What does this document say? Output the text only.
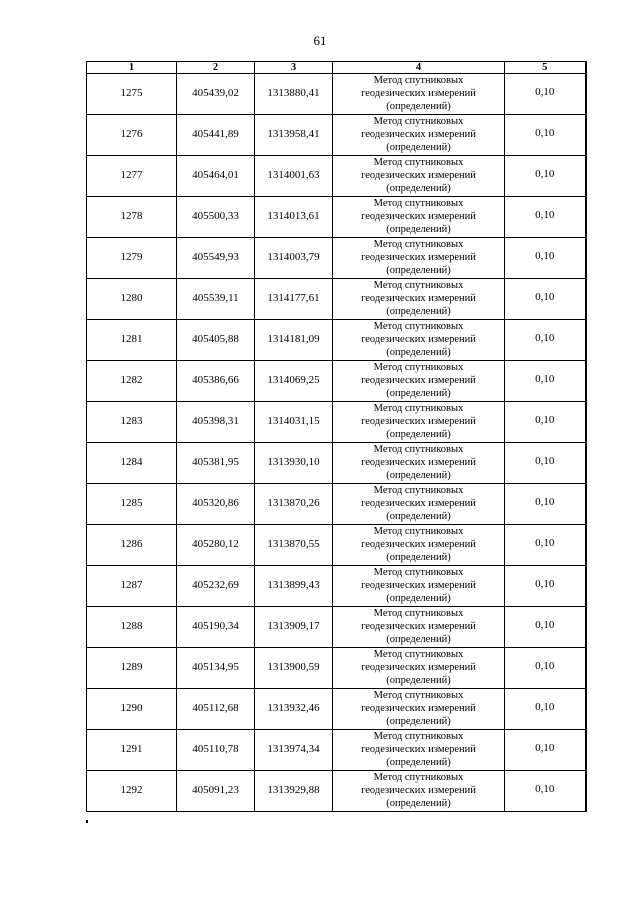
61
1	2	3	4	5
1275	405439,02	1313880,41	Метод спутниковых
геодезических измерений
(определений)	0,10
1276	405441,89	1313958,41	Метод спутниковых
геодезических измерений
(определений)	0,10
1277	405464,01	1314001,63	Метод спутниковых
геодезических измерений
(определений)	0,10
1278	405500,33	1314013,61	Метод спутниковых
геодезических измерений
(определений)	0,10
1279	405549,93	1314003,79	Метод спутниковых
геодезических измерений
(определений)	0,10
1280	405539,11	1314177,61	Метод спутниковых
геодезических измерений
(определений)	0,10
1281	405405,88	1314181,09	Метод спутниковых
геодезических измерений
(определений)	0,10
1282	405386,66	1314069,25	Метод спутниковых
геодезических измерений
(определений)	0,10
1283	405398,31	1314031,15	Метод спутниковых
геодезических измерений
(определений)	0,10
1284	405381,95	1313930,10	Метод спутниковых
геодезических измерений
(определений)	0,10
1285	405320,86	1313870,26	Метод спутниковых
геодезических измерений
(определений)	0,10
1286	405280,12	1313870,55	Метод спутниковых
геодезических измерений
(определений)	0,10
1287	405232,69	1313899,43	Метод спутниковых
геодезических измерений
(определений)	0,10
1288	405190,34	1313909,17	Метод спутниковых
геодезических измерений
(определений)	0,10
1289	405134,95	1313900,59	Метод спутниковых
геодезических измерений
(определений)	0,10
1290	405112,68	1313932,46	Метод спутниковых
геодезических измерений
(определений)	0,10
1291	405110,78	1313974,34	Метод спутниковых
геодезических измерений
(определений)	0,10
1292	405091,23	1313929,88	Метод спутниковых
геодезических измерений
(определений)	0,10
